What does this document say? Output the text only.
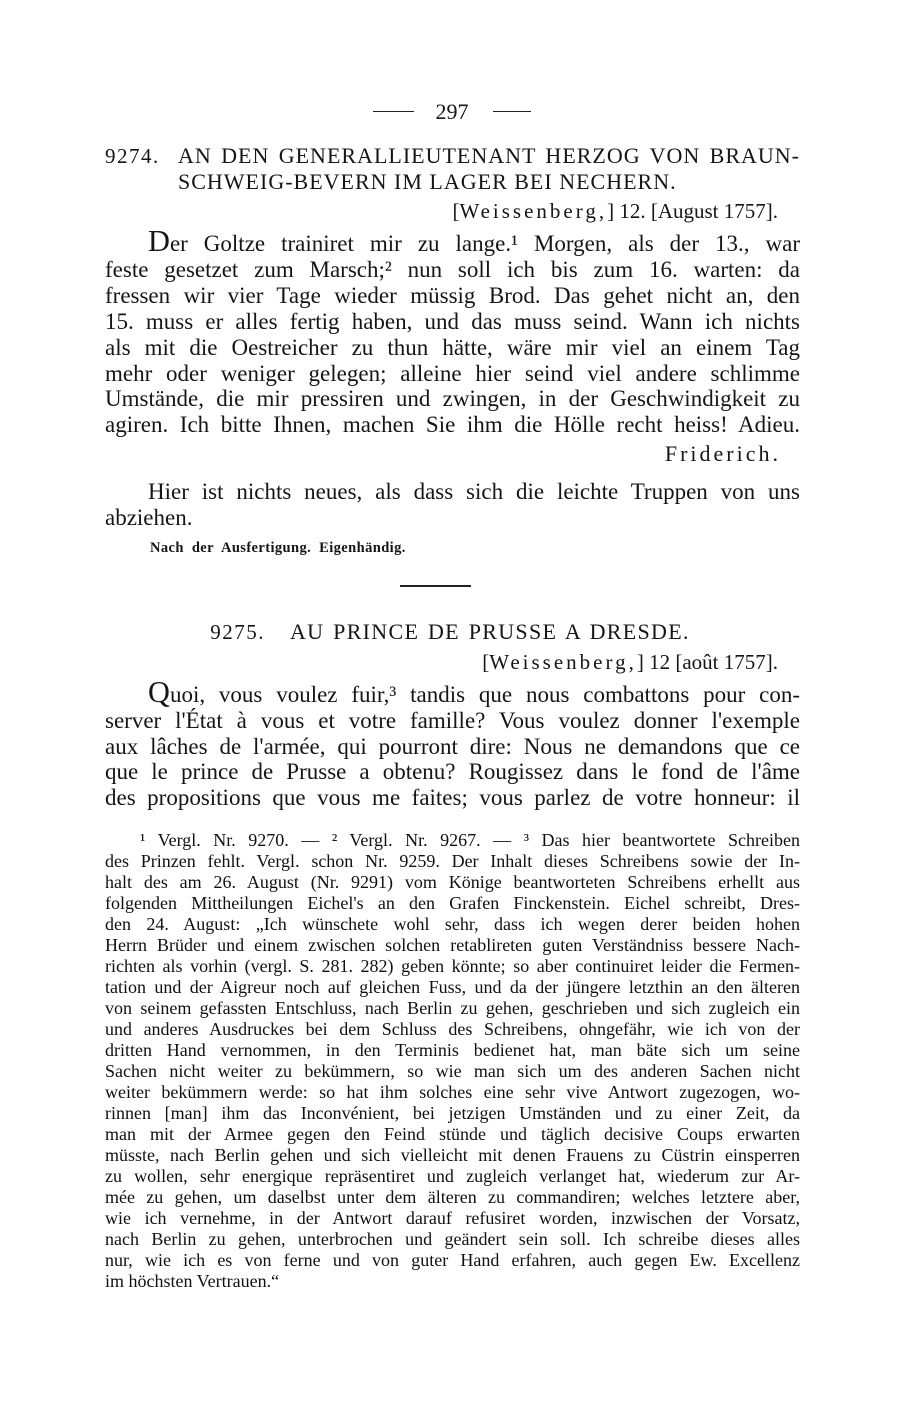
297
9274. AN DEN GENERALLIEUTENANT HERZOG VON BRAUN-
SCHWEIG-BEVERN IM LAGER BEI NECHERN.
[Weissenberg,] 12. [August 1757].
Der Goltze trainiret mir zu lange.¹ Morgen, als der 13., war
feste gesetzet zum Marsch;² nun soll ich bis zum 16. warten: da
fressen wir vier Tage wieder müssig Brod. Das gehet nicht an, den
15. muss er alles fertig haben, und das muss seind. Wann ich nichts
als mit die Oestreicher zu thun hätte, wäre mir viel an einem Tag
mehr oder weniger gelegen; alleine hier seind viel andere schlimme
Umstände, die mir pressiren und zwingen, in der Geschwindigkeit zu
agiren. Ich bitte Ihnen, machen Sie ihm die Hölle recht heiss! Adieu.
Friderich.
Hier ist nichts neues, als dass sich die leichte Truppen von uns
abziehen.
Nach der Ausfertigung. Eigenhändig.
9275. AU PRINCE DE PRUSSE A DRESDE.
[Weissenberg,] 12 [août 1757].
Quoi, vous voulez fuir,³ tandis que nous combattons pour con-
server l'État à vous et votre famille? Vous voulez donner l'exemple
aux lâches de l'armée, qui pourront dire: Nous ne demandons que ce
que le prince de Prusse a obtenu? Rougissez dans le fond de l'âme
des propositions que vous me faites; vous parlez de votre honneur: il
¹ Vergl. Nr. 9270. — ² Vergl. Nr. 9267. — ³ Das hier beantwortete Schreiben
des Prinzen fehlt. Vergl. schon Nr. 9259. Der Inhalt dieses Schreibens sowie der In-
halt des am 26. August (Nr. 9291) vom Könige beantworteten Schreibens erhellt aus
folgenden Mittheilungen Eichel's an den Grafen Finckenstein. Eichel schreibt, Dres-
den 24. August: „Ich wünschete wohl sehr, dass ich wegen derer beiden hohen
Herrn Brüder und einem zwischen solchen retablireten guten Verständniss bessere Nach-
richten als vorhin (vergl. S. 281. 282) geben könnte; so aber continuiret leider die Fermen-
tation und der Aigreur noch auf gleichen Fuss, und da der jüngere letzthin an den älteren
von seinem gefassten Entschluss, nach Berlin zu gehen, geschrieben und sich zugleich ein
und anderes Ausdruckes bei dem Schluss des Schreibens, ohngefähr, wie ich von der
dritten Hand vernommen, in den Terminis bedienet hat, man bäte sich um seine
Sachen nicht weiter zu bekümmern, so wie man sich um des anderen Sachen nicht
weiter bekümmern werde: so hat ihm solches eine sehr vive Antwort zugezogen, wo-
rinnen [man] ihm das Inconvénient, bei jetzigen Umständen und zu einer Zeit, da
man mit der Armee gegen den Feind stünde und täglich decisive Coups erwarten
müsste, nach Berlin gehen und sich vielleicht mit denen Frauens zu Cüstrin einsperren
zu wollen, sehr energique repräsentiret und zugleich verlanget hat, wiederum zur Ar-
mée zu gehen, um daselbst unter dem älteren zu commandiren; welches letztere aber,
wie ich vernehme, in der Antwort darauf refusiret worden, inzwischen der Vorsatz,
nach Berlin zu gehen, unterbrochen und geändert sein soll. Ich schreibe dieses alles
nur, wie ich es von ferne und von guter Hand erfahren, auch gegen Ew. Excellenz
im höchsten Vertrauen.“
